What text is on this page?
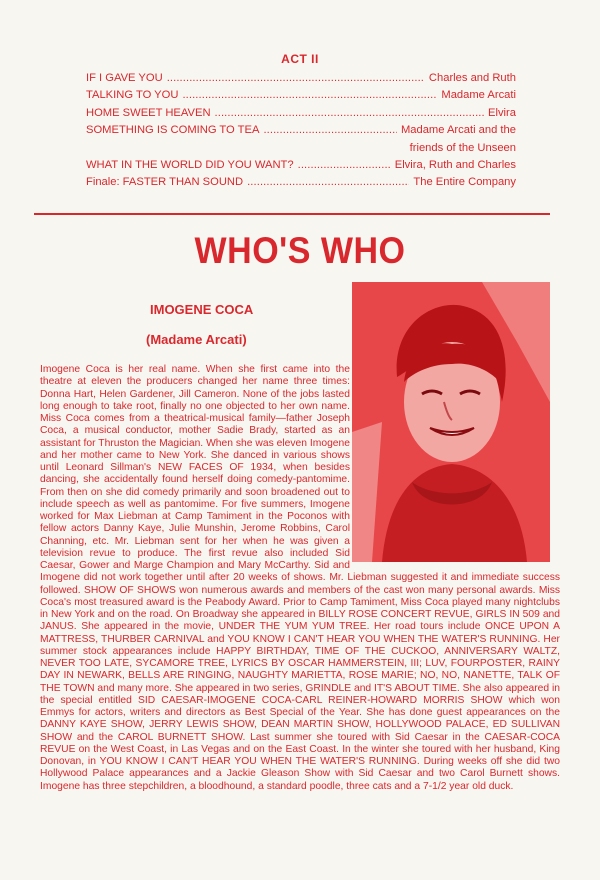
ACT II
IF I GAVE YOU . . .	Charles and Ruth
TALKING TO YOU . . .	Madame Arcati
HOME SWEET HEAVEN . . .	Elvira
SOMETHING IS COMING TO TEA . . .	Madame Arcati and the
friends of the Unseen
WHAT IN THE WORLD DID YOU WANT? . . .	Elvira, Ruth and Charles
Finale: FASTER THAN SOUND . . .	The Entire Company
WHO'S WHO
IMOGENE COCA
(Madame Arcati)
Imogene Coca is her real name. When she first came into the theatre at eleven the producers changed her name three times: Donna Hart, Helen Gardener, Jill Cameron. None of the jobs lasted long enough to take root, finally no one objected to her own name. Miss Coca comes from a theatrical-musical family—father Joseph Coca, a musical conductor, mother Sadie Brady, started as an assistant for Thruston the Magician. When she was eleven Imogene and her mother came to New York. She danced in various shows until Leonard Sillman's NEW FACES OF 1934, when besides dancing, she accidentally found herself doing comedy-pantomime. From then on she did comedy primarily and soon broadened out to include speech as well as pantomime. For five summers, Imogene worked for Max Liebman at Camp Tamiment in the Poconos with fellow actors Danny Kaye, Julie Munshin, Jerome Robbins, Carol Channing, etc. Mr. Liebman sent for her when he was given a television revue to produce. The first revue also included Sid Caesar, Gower and Marge Champion and Mary McCarthy. Sid and Imogene did not work together until after 20 weeks of shows. Mr. Liebman suggested it and immediate success followed. SHOW OF SHOWS won numerous awards and members of the cast won many personal awards. Miss Coca's most treasured award is the Peabody Award. Prior to Camp Tamiment, Miss Coca played many nightclubs in New York and on the road. On Broadway she appeared in BILLY ROSE CONCERT REVUE, GIRLS IN 509 and JANUS. She appeared in the movie, UNDER THE YUM YUM TREE. Her road tours include ONCE UPON A MATTRESS, THURBER CARNIVAL and YOU KNOW I CAN'T HEAR YOU WHEN THE WATER'S RUNNING. Her summer stock appearances include HAPPY BIRTHDAY, TIME OF THE CUCKOO, ANNIVERSARY WALTZ, NEVER TOO LATE, SYCAMORE TREE, LYRICS BY OSCAR HAMMERSTEIN, III; LUV, FOURPOSTER, RAINY DAY IN NEWARK, BELLS ARE RINGING, NAUGHTY MARIETTA, ROSE MARIE; NO, NO, NANETTE, TALK OF THE TOWN and many more. She appeared in two series, GRINDLE and IT'S ABOUT TIME. She also appeared in the special entitled SID CAESAR-IMOGENE COCA-CARL REINER-HOWARD MORRIS SHOW which won Emmys for actors, writers and directors as Best Special of the Year. She has done guest appearances on the DANNY KAYE SHOW, JERRY LEWIS SHOW, DEAN MARTIN SHOW, HOLLYWOOD PALACE, ED SULLIVAN SHOW and the CAROL BURNETT SHOW. Last summer she toured with Sid Caesar in the CAESAR-COCA REVUE on the West Coast, in Las Vegas and on the East Coast. In the winter she toured with her husband, King Donovan, in YOU KNOW I CAN'T HEAR YOU WHEN THE WATER'S RUNNING. During weeks off she did two Hollywood Palace appearances and a Jackie Gleason Show with Sid Caesar and two Carol Burnett shows. Imogene has three stepchildren, a bloodhound, a standard poodle, three cats and a 7-1/2 year old duck.
